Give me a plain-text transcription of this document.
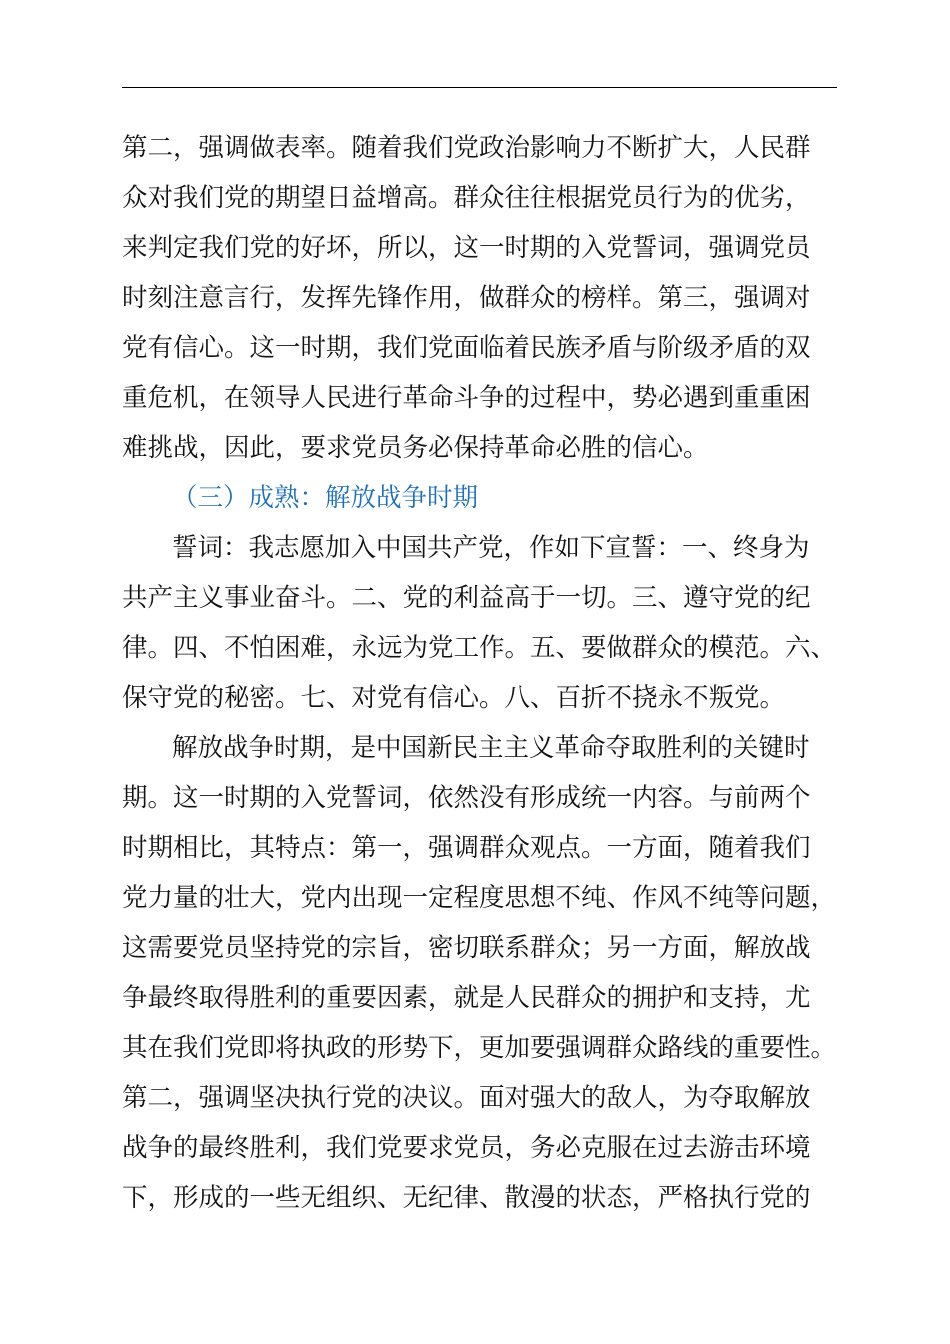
第二，强调做表率。随着我们党政治影响力不断扩大，人民群
众对我们党的期望日益增高。群众往往根据党员行为的优劣，
来判定我们党的好坏，所以，这一时期的入党誓词，强调党员
时刻注意言行，发挥先锋作用，做群众的榜样。第三，强调对
党有信心。这一时期，我们党面临着民族矛盾与阶级矛盾的双
重危机，在领导人民进行革命斗争的过程中，势必遇到重重困
难挑战，因此，要求党员务必保持革命必胜的信心。
（三）成熟：解放战争时期
誓词：我志愿加入中国共产党，作如下宣誓：一、终身为
共产主义事业奋斗。二、党的利益高于一切。三、遵守党的纪
律。四、不怕困难，永远为党工作。五、要做群众的模范。六、
保守党的秘密。七、对党有信心。八、百折不挠永不叛党。
解放战争时期，是中国新民主主义革命夺取胜利的关键时
期。这一时期的入党誓词，依然没有形成统一内容。与前两个
时期相比，其特点：第一，强调群众观点。一方面，随着我们
党力量的壮大，党内出现一定程度思想不纯、作风不纯等问题，
这需要党员坚持党的宗旨，密切联系群众；另一方面，解放战
争最终取得胜利的重要因素，就是人民群众的拥护和支持，尤
其在我们党即将执政的形势下，更加要强调群众路线的重要性。
第二，强调坚决执行党的决议。面对强大的敌人，为夺取解放
战争的最终胜利，我们党要求党员，务必克服在过去游击环境
下，形成的一些无组织、无纪律、散漫的状态，严格执行党的
